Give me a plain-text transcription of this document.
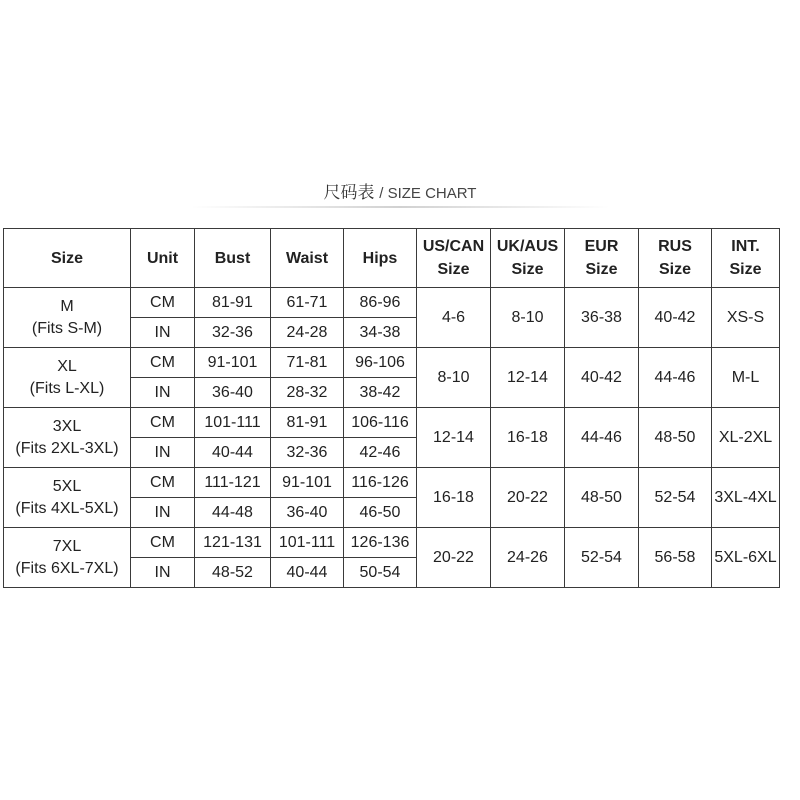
尺码表 / SIZE CHART
Size	Unit	Bust	Waist	Hips	US/CAN Size	UK/AUS Size	EUR Size	RUS Size	INT. Size

M
(Fits S-M)	CM	81-91	61-71	86-96	4-6	8-10	36-38	40-42	XS-S
	IN	32-36	24-28	34-38					

XL
(Fits L-XL)	CM	91-101	71-81	96-106	8-10	12-14	40-42	44-46	M-L
	IN	36-40	28-32	38-42					

3XL
(Fits 2XL-3XL)	CM	101-111	81-91	106-116	12-14	16-18	44-46	48-50	XL-2XL
	IN	40-44	32-36	42-46					

5XL
(Fits 4XL-5XL)	CM	111-121	91-101	116-126	16-18	20-22	48-50	52-54	3XL-4XL
	IN	44-48	36-40	46-50					

7XL
(Fits 6XL-7XL)	CM	121-131	101-111	126-136	20-22	24-26	52-54	56-58	5XL-6XL
	IN	48-52	40-44	50-54					
